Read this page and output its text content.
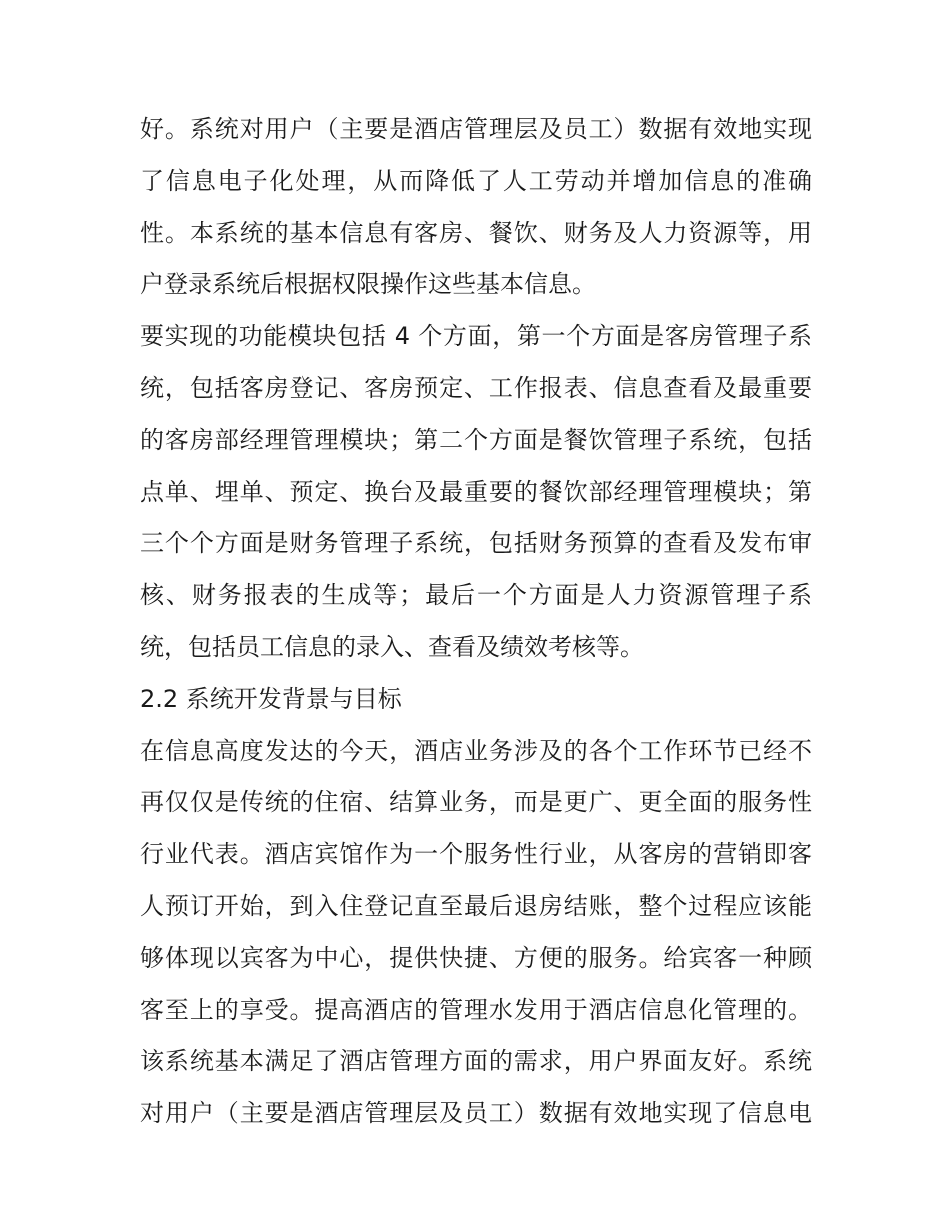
好。系统对用户（主要是酒店管理层及员工）数据有效地实现
了信息电子化处理，从而降低了人工劳动并增加信息的准确
性。本系统的基本信息有客房、餐饮、财务及人力资源等，用
户登录系统后根据权限操作这些基本信息。
要实现的功能模块包括 4 个方面，第一个方面是客房管理子系
统，包括客房登记、客房预定、工作报表、信息查看及最重要
的客房部经理管理模块；第二个方面是餐饮管理子系统，包括
点单、埋单、预定、换台及最重要的餐饮部经理管理模块；第
三个个方面是财务管理子系统，包括财务预算的查看及发布审
核、财务报表的生成等；最后一个方面是人力资源管理子系
统，包括员工信息的录入、查看及绩效考核等。
2.2 系统开发背景与目标
在信息高度发达的今天，酒店业务涉及的各个工作环节已经不
再仅仅是传统的住宿、结算业务，而是更广、更全面的服务性
行业代表。酒店宾馆作为一个服务性行业，从客房的营销即客
人预订开始，到入住登记直至最后退房结账，整个过程应该能
够体现以宾客为中心，提供快捷、方便的服务。给宾客一种顾
客至上的享受。提高酒店的管理水发用于酒店信息化管理的。
该系统基本满足了酒店管理方面的需求，用户界面友好。系统
对用户（主要是酒店管理层及员工）数据有效地实现了信息电
